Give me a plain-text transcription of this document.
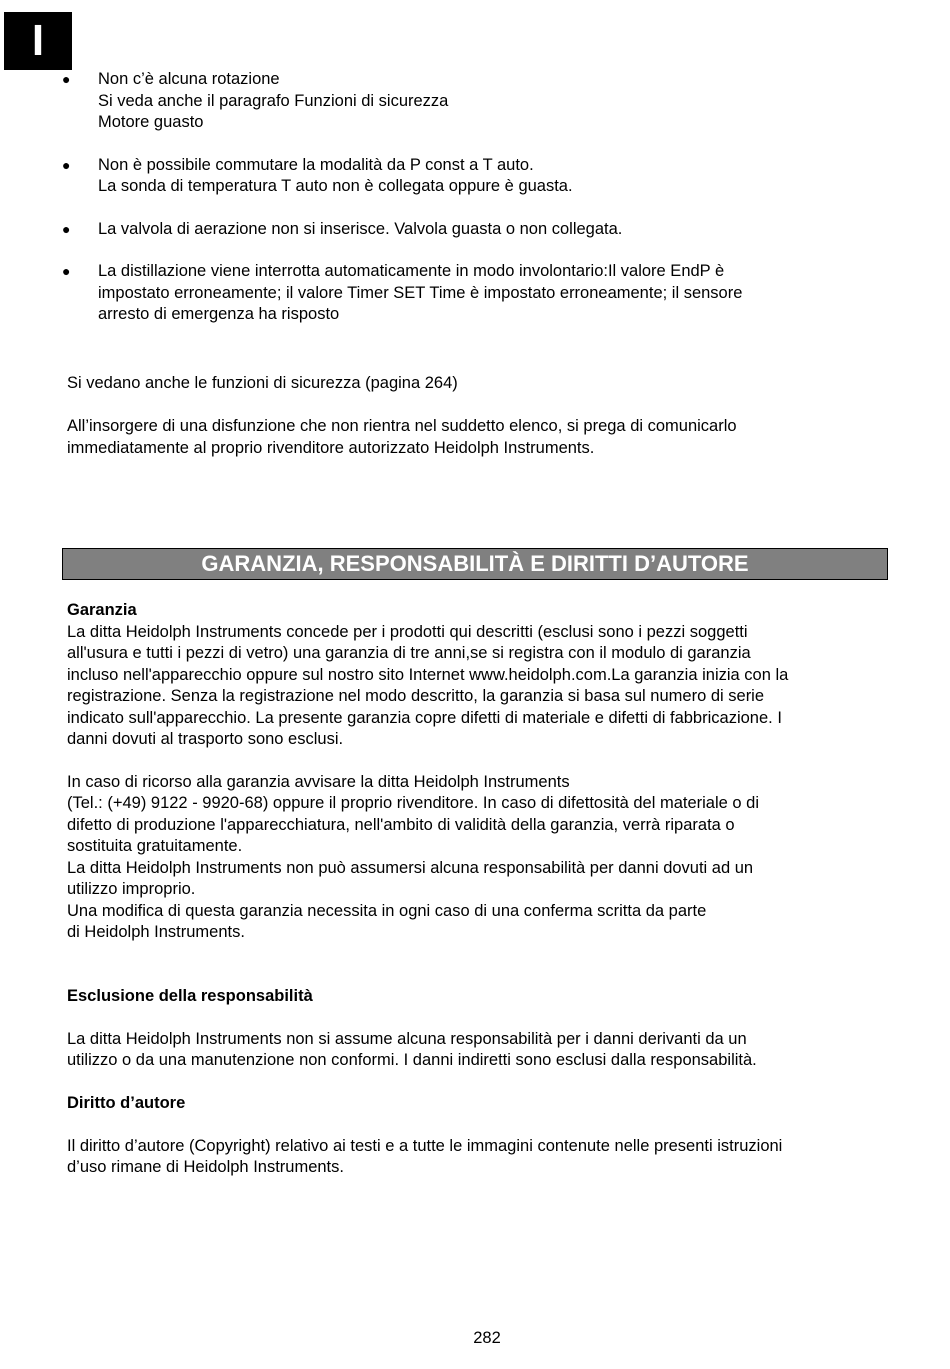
I
● Non c’è alcuna rotazione
Si veda anche il paragrafo Funzioni di sicurezza
Motore guasto
● Non è possibile commutare la modalità da P const a T auto.
La sonda di temperatura T auto non è collegata oppure è guasta.
● La valvola di aerazione non si inserisce. Valvola guasta o non collegata.
● La distillazione viene interrotta automaticamente in modo involontario:Il valore EndP è
impostato erroneamente; il valore Timer SET Time è impostato erroneamente; il sensore
arresto di emergenza ha risposto

Si vedano anche le funzioni di sicurezza (pagina 264)

All’insorgere di una disfunzione che non rientra nel suddetto elenco, si prega di comunicarlo
immediatamente al proprio rivenditore autorizzato Heidolph Instruments.
GARANZIA, RESPONSABILITÀ E DIRITTI D’AUTORE
Garanzia
La ditta Heidolph Instruments concede per i prodotti qui descritti (esclusi sono i pezzi soggetti
all'usura e tutti i pezzi di vetro) una garanzia di tre anni,se si registra con il modulo di garanzia
incluso nell'apparecchio oppure sul nostro sito Internet www.heidolph.com.La garanzia inizia con la
registrazione. Senza la registrazione nel modo descritto, la garanzia si basa sul numero di serie
indicato sull'apparecchio. La presente garanzia copre difetti di materiale e difetti di fabbricazione. I
danni dovuti al trasporto sono esclusi.
In caso di ricorso alla garanzia avvisare la ditta Heidolph Instruments
(Tel.: (+49) 9122 - 9920-68) oppure il proprio rivenditore. In caso di difettosità del materiale o di
difetto di produzione l'apparecchiatura, nell'ambito di validità della garanzia, verrà riparata o
sostituita gratuitamente.
La ditta Heidolph Instruments non può assumersi alcuna responsabilità per danni dovuti ad un
utilizzo improprio.
Una modifica di questa garanzia necessita in ogni caso di una conferma scritta da parte
di Heidolph Instruments.
Esclusione della responsabilità
La ditta Heidolph Instruments non si assume alcuna responsabilità per i danni derivanti da un
utilizzo o da una manutenzione non conformi. I danni indiretti sono esclusi dalla responsabilità.
Diritto d’autore
Il diritto d’autore (Copyright) relativo ai testi e a tutte le immagini contenute nelle presenti istruzioni
d’uso rimane di Heidolph Instruments.
282
